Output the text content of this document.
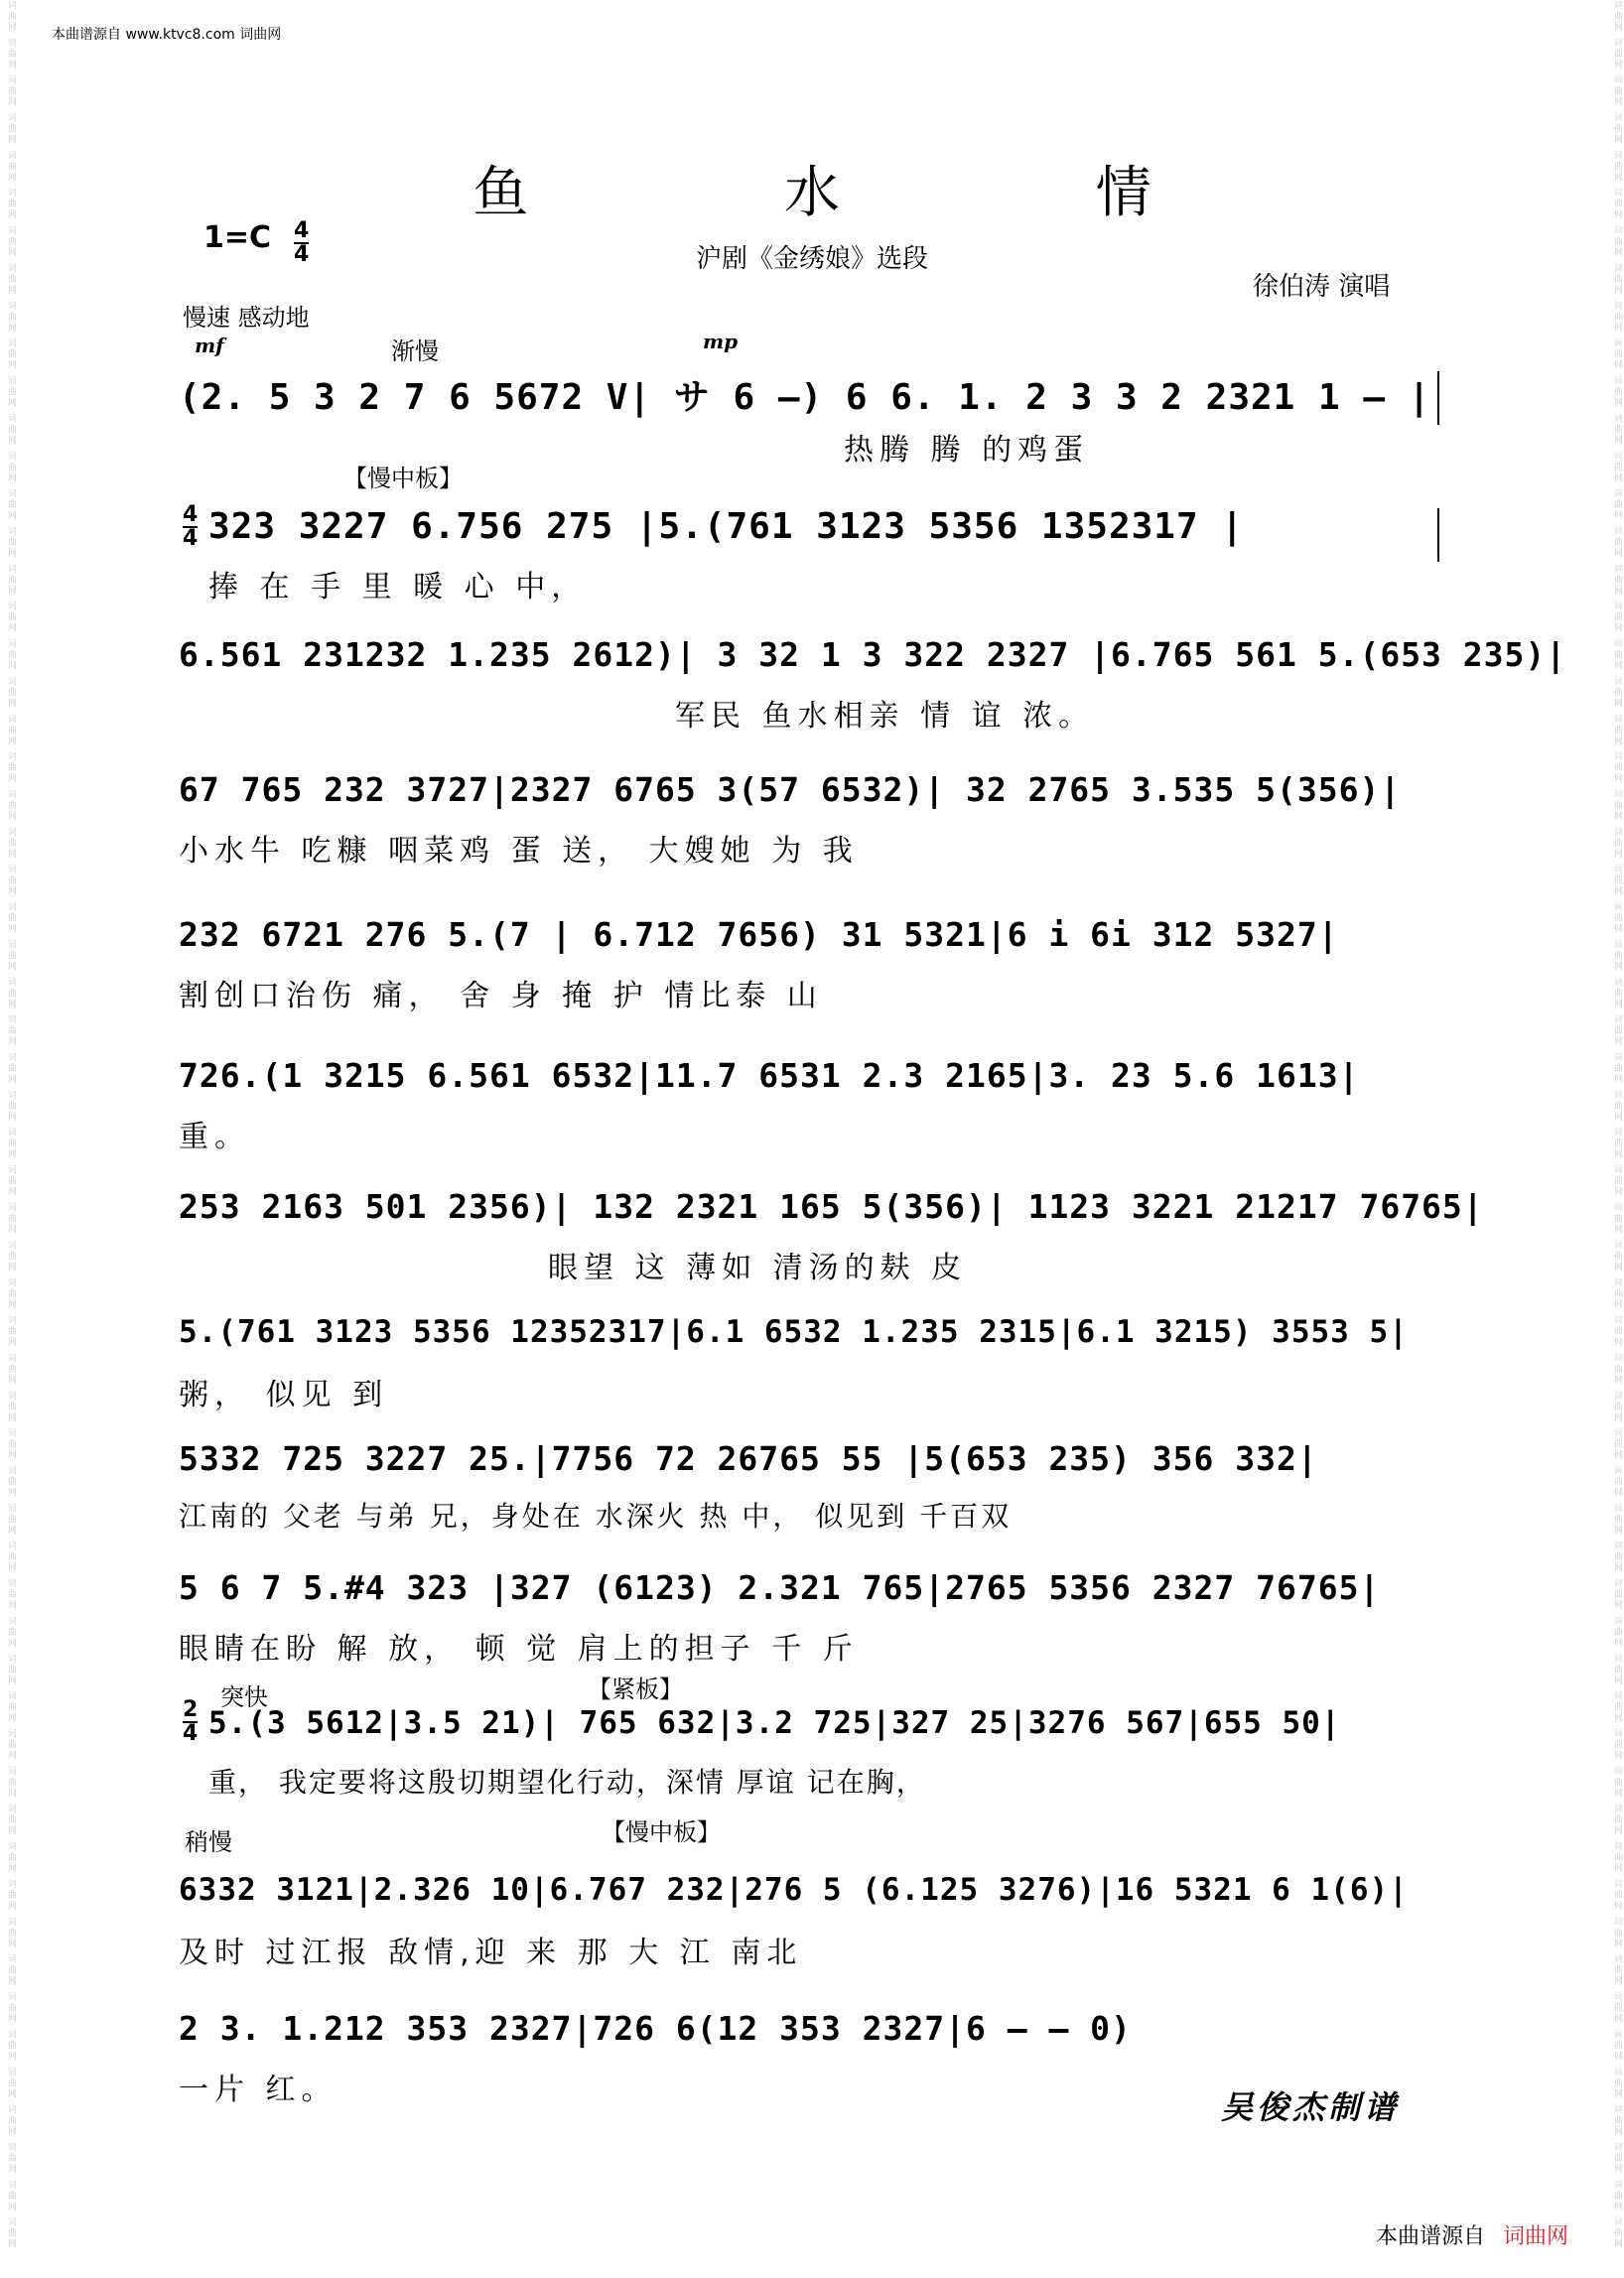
词曲网 词曲网 词曲网 词曲网 词曲网 词曲网 词曲网 词曲网 词曲网 词曲网 词曲网 词曲网 词曲网 词曲网 词曲网 词曲网 词曲网 词曲网 词曲网 词曲网 词曲网 词曲网 词曲网 词曲网 词曲网 词曲网 词曲网 词曲网 词曲网 词曲网 词曲网 词曲网 词曲网 词曲网 词曲网 词曲网 词曲网 词曲网 词曲网 词曲网 词曲网 词曲网 词曲网 词曲网 词曲网 词曲网 词曲网 词曲网 词曲网 词曲网 词曲网 词曲网 词曲网 词曲网 词曲网 词曲网 词曲网 词曲网 词曲网 词曲网	词曲网 词曲网 词曲网 词曲网 词曲网 词曲网 词曲网 词曲网 词曲网 词曲网 词曲网 词曲网 词曲网 词曲网 词曲网 词曲网 词曲网 词曲网 词曲网 词曲网 词曲网 词曲网 词曲网 词曲网 词曲网 词曲网 词曲网 词曲网 词曲网 词曲网 词曲网 词曲网 词曲网 词曲网 词曲网 词曲网 词曲网 词曲网 词曲网 词曲网 词曲网 词曲网 词曲网 词曲网 词曲网 词曲网 词曲网 词曲网 词曲网 词曲网 词曲网 词曲网 词曲网 词曲网 词曲网 词曲网 词曲网 词曲网 词曲网 词曲网
本曲谱源自 www.ktvc8.com 词曲网
鱼 水 情
沪剧《金绣娘》选段
1=C 4
4
徐伯涛 演唱
慢速 感动地
mf	渐慢	mp
【慢中板】
突快	【紧板】
稍慢	【慢中板】
4
4
(2. 5 3 2 7 6 5672 V| サ 6 –) 6 6. 1. 2 3 3 2 2321 1 – |
热腾 腾 的鸡蛋
323 3227 6.756 275 |5.(761 3123 5356 1352317 |
捧 在 手 里 暖 心 中，
6.561 231232 1.235 2612)| 3 32 1 3 322 2327 |6.765 561 5.(653 235)|
军民 鱼水相亲 情 谊 浓。
67 765 232 3727|2327 6765 3(57 6532)| 32 2765 3.535 5(356)|
小水牛 吃糠 咽菜鸡 蛋 送， 大嫂她 为 我
232 6721 276 5.(7 | 6.712 7656) 31 5321|6 i 6i 312 5327|
割创口治伤 痛， 舍 身 掩 护 情比泰 山
726.(1 3215 6.561 6532|11.7 6531 2.3 2165|3. 23 5.6 1613|
重。
253 2163 501 2356)| 132 2321 165 5(356)| 1123 3221 21217 76765|
眼望 这 薄如 清汤的麸 皮
5.(761 3123 5356 12352317|6.1 6532 1.235 2315|6.1 3215) 3553 5|
粥， 似见 到
5332 725 3227 25.|7756 72 26765 55 |5(653 235) 356 332|
江南的 父老 与弟 兄，身处在 水深火 热 中， 似见到 千百双
5 6 7 5.#4 323 |327 (6123) 2.321 765|2765 5356 2327 76765|
眼睛在盼 解 放， 顿 觉 肩上的担子 千 斤
5.(3 5612|3.5 21)| 765 632|3.2 725|327 25|3276 567|655 50|
重， 我定要将这殷切期望化行动，深情 厚谊 记在胸，
2
4
6332 3121|2.326 10|6.767 232|276 5 (6.125 3276)|16 5321 6 1(6)|
及时 过江报 敌情,迎 来 那 大 江 南北
2 3. 1.212 353 2327|726 6(12 353 2327|6 – – 0)
一片 红。	吴俊杰制谱
本曲谱源自 词曲网
